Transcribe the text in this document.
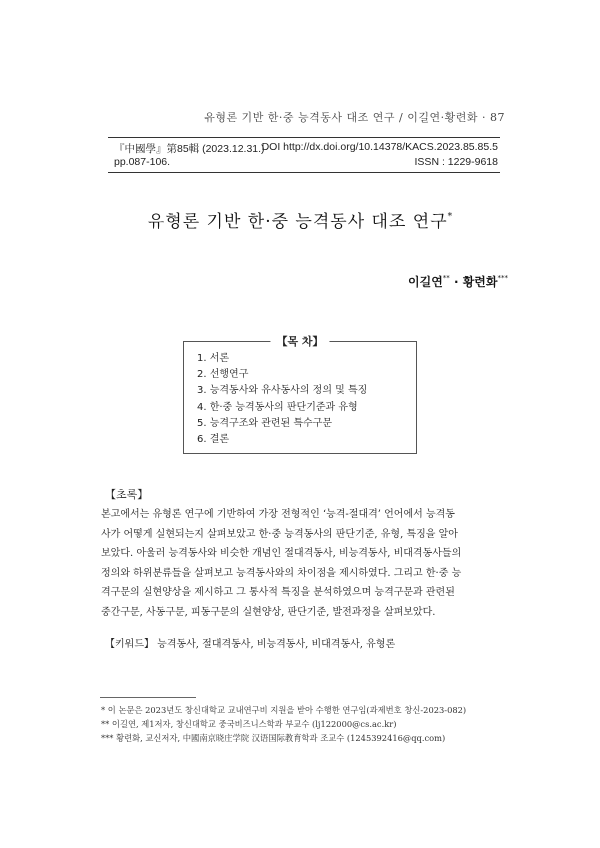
유형론 기반 한·중 능격동사 대조 연구 / 이길연·황련화 · 87
『中國學』第85輯 (2023.12.31.)
pp.087-106.
DOI http://dx.doi.org/10.14378/KACS.2023.85.85.5
ISSN : 1229-9618
유형론 기반 한·중 능격동사 대조 연구*
이길연** · 황련화***
【목 차】
1. 서론
2. 선행연구
3. 능격동사와 유사동사의 정의 및 특징
4. 한·중 능격동사의 판단기준과 유형
5. 능격구조와 관련된 특수구문
6. 결론
【초록】
본고에서는 유형론 연구에 기반하여 가장 전형적인 ‘능격-절대격’ 언어에서 능격동
사가 어떻게 실현되는지 살펴보았고 한·중 능격동사의 판단기준, 유형, 특징을 알아
보았다. 아울러 능격동사와 비슷한 개념인 절대격동사, 비능격동사, 비대격동사들의
정의와 하위분류들을 살펴보고 능격동사와의 차이점을 제시하였다. 그리고 한·중 능
격구문의 실현양상을 제시하고 그 통사적 특징을 분석하였으며 능격구문과 관련된
중간구문, 사동구문, 피동구문의 실현양상, 판단기준, 발전과정을 살펴보았다.
【키워드】 능격동사, 절대격동사, 비능격동사, 비대격동사, 유형론
* 이 논문은 2023년도 창신대학교 교내연구비 지원을 받아 수행한 연구임(과제번호 창신-2023-082)
** 이길연, 제1저자, 창신대학교 중국비즈니스학과 부교수 (lj122000@cs.ac.kr)
*** 황련화, 교신저자, 中國南京晓庄学院 汉语国际教育학과 조교수 (1245392416@qq.com)
